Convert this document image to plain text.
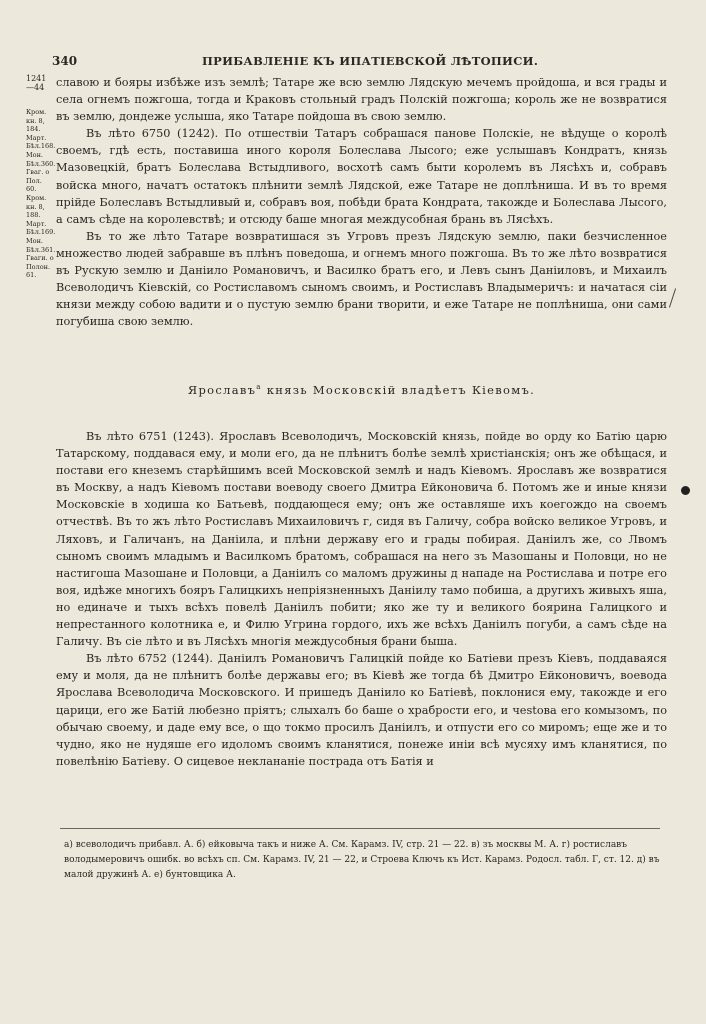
340	ПРИБАВЛЕНІЕ КЪ ИПАТІЕВСКОЙ ЛѢТОПИСИ.
1241
—44
Кром.
кн. 8,
184.
Март.
Бѣл.168.
Мон.
Бѣл.360.
Гваг. о
Пол. 60.
Кром.
кн. 8,
188.
Март.
Бѣл.169.
Мон.
Бѣл.361.
Гваги. о
Полон.
61.

славою и бояры избѣже изъ землѣ; Татаре же всю землю Лядскую мечемъ пройдоша, и вся грады и села огнемъ пожгоша, тогда и Краковъ стольный градъ Полскій пожгоша; король же не возвратися въ землю, дондеже услыша, яко Татаре пойдоша въ свою землю.

Въ лѣто 6750 (1242). По отшествіи Татаръ собрашася панове Полскіе, не вѣдуще о королѣ своемъ, гдѣ есть, поставиша иного короля Болеслава Лысого; еже услышавъ Кондратъ, князь Мазовецкій, братъ Болеслава Встыдливого, восхотѣ самъ быти королемъ въ Лясѣхъ и, собравъ войска много, начатъ остатокъ плѣнити землѣ Лядской, еже Татаре не доплѣниша. И въ то время прійде Болеславъ Встыдливый и, собравъ воя, побѣди брата Кондрата, такожде и Болеслава Лысого, а самъ сѣде на королевствѣ; и отсюду баше многая междусобная брань въ Лясѣхъ.

Въ то же лѣто Татаре возвратишася зъ Угровъ презъ Лядскую землю, паки безчисленное множество людей забравше въ плѣнъ поведоша, и огнемъ много пожгоша. Въ то же лѣто возвратися въ Рускую землю и Даніило Романовичъ, и Василко братъ его, и Левъ сынъ Даніиловъ, и Михаилъ Всеволодичъ Кіевскій, со Ростиславомъ сыномъ своимъ, и Ростиславъ Владымеричъ: и начатася сіи князи между собою вадити и о пустую землю брани творити, и еже Татаре не поплѣниша, они сами погубиша свою землю.

Ярославъ$^а$ князь Московскій владѣетъ Кіевомъ.

Въ лѣто 6751 (1243). Ярославъ Всеволодичъ, Московскій князь, пойде во орду ко Батію царю Татарскому, поддавася ему, и моли его, да не плѣнитъ болѣе землѣ христіанскія; онъ же обѣщася, и постави его кнеземъ старѣйшимъ всей Московской землѣ и надъ Кіевомъ. Ярославъ же возвратися въ Москву, а надъ Кіевомъ постави воеводу своего Дмитра Ейконовича б. Потомъ же и иные князи Московскіе в ходиша ко Батьевѣ, поддающеся ему; онъ же оставляше ихъ коегождо на своемъ отчествѣ. Въ то жъ лѣто Ростиславъ Михаиловичъ г, сидя въ Галичу, собра войско великое Угровъ, и Ляховъ, и Галичанъ, на Даніила, и плѣни державу его и грады побирая. Даніилъ же, со Лвомъ сыномъ своимъ младымъ и Василкомъ братомъ, собрашася на него зъ Мазошаны и Половци, но не настигоша Мазошане и Половци, а Даніилъ со маломъ дружины д нападе на Ростислава и потре его воя, идѣже многихъ бояръ Галицкихъ непріязненныхъ Даніилу тамо побиша, а другихъ живыхъ яша, но единаче и тыхъ всѣхъ повелѣ Даніилъ побити; яко же ту и великого боярина Галицкого и непрестанного колотника е, и Филю Угрина гордого, ихъ же всѣхъ Даніилъ погуби, а самъ сѣде на Галичу. Въ сіе лѣто и въ Лясѣхъ многія междусобныя брани быша.

Въ лѣто 6752 (1244). Даніилъ Романовичъ Галицкій пойде ко Батіеви презъ Кіевъ, поддаваяся ему и моля, да не плѣнитъ болѣе державы его; въ Кіевѣ же тогда бѣ Дмитро Ейконовичъ, воевода Ярослава Всеволодича Московского. И пришедъ Даніило ко Батіевѣ, поклонися ему, такожде и его царици, его же Батій любезно пріятъ; слыхалъ бо баше о храбрости его, и чestова его комызомъ, по обычаю своему, и даде ему все, о що токмо просилъ Даніилъ, и отпусти его со миромъ; еще же и то чудно, яко не нудяше его идоломъ своимъ кланятися, понеже иніи всѣ мусяху имъ кланятися, по повелѣнію Батіеву. О сицевое неклананіе пострада отъ Батія и

а) всеволодичъ прибавл. А. б) ейковыча такъ и ниже А. См. Карамз. IV, стр. 21 — 22. в) зъ москвы М. А. г) ростиславъ володымеровичъ ошибк. во всѣхъ сп. См. Карамз. IV, 21 — 22, и Строева Ключъ къ Ист. Карамз. Родосл. табл. Г, ст. 12. д) въ малой дружинѣ А. е) бунтовщика А.
